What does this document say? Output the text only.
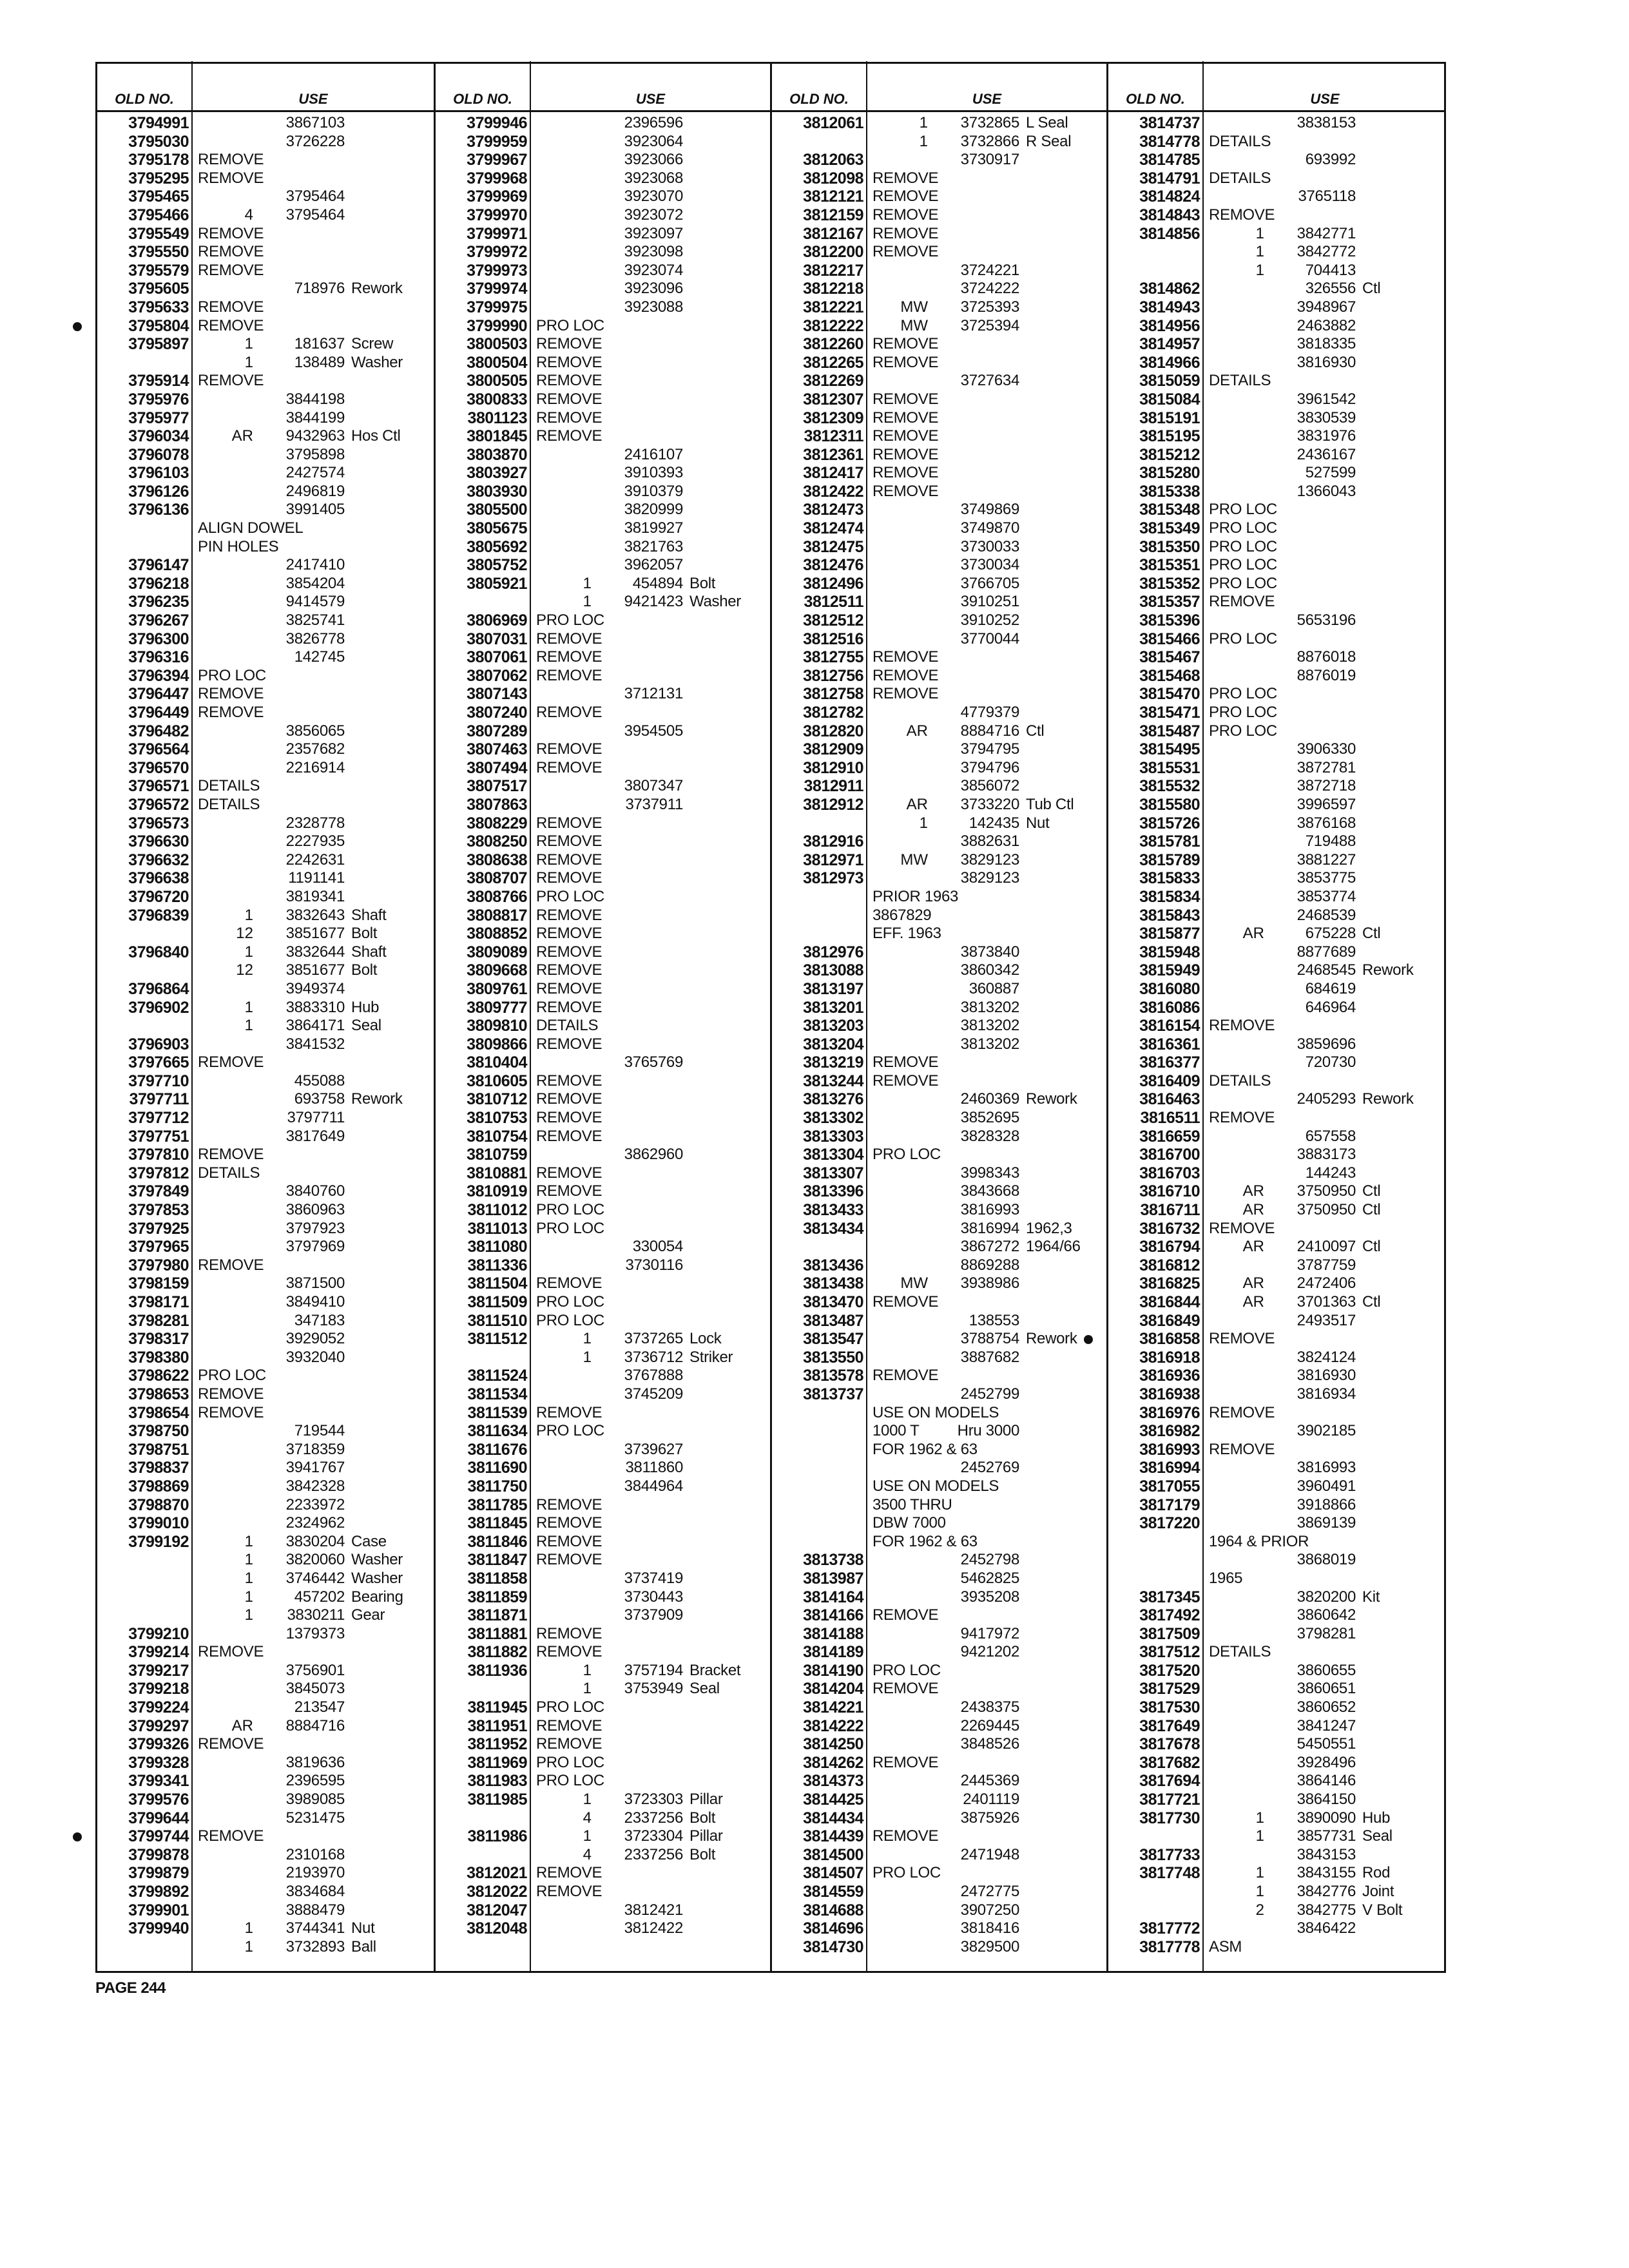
OLD NO.	USE
3794991	3867103
3795030	3726228
3795178 REMOVE
3795295 REMOVE
3795465	3795464
3795466	4	3795464
3795549 REMOVE
3795550 REMOVE
3795579 REMOVE
3795605	718976 Rework
3795633 REMOVE
3795804 REMOVE
3795897	1	181637 Screw
1	138489 Washer
3795914 REMOVE
3795976	3844198
3795977	3844199
3796034	AR	9432963 Hos Ctl
3796078	3795898
3796103	2427574
3796126	2496819
3796136	3991405
ALIGN DOWEL
PIN HOLES
3796147	2417410
3796218	3854204
3796235	9414579
3796267	3825741
3796300	3826778
3796316	142745
3796394 PRO LOC
3796447 REMOVE
3796449 REMOVE
3796482	3856065
3796564	2357682
3796570	2216914
3796571 DETAILS
3796572 DETAILS
3796573	2328778
3796630	2227935
3796632	2242631
3796638	1191141
3796720	3819341
3796839	1	3832643 Shaft
12	3851677 Bolt
3796840	1	3832644 Shaft
12	3851677 Bolt
3796864	3949374
3796902	1	3883310 Hub
1	3864171 Seal
3796903	3841532
3797665 REMOVE
3797710	455088
3797711	693758 Rework
3797712	3797711
3797751	3817649
3797810 REMOVE
3797812 DETAILS
3797849	3840760
3797853	3860963
3797925	3797923
3797965	3797969
3797980 REMOVE
3798159	3871500
3798171	3849410
3798281	347183
3798317	3929052
3798380	3932040
3798622 PRO LOC
3798653 REMOVE
3798654 REMOVE
3798750	719544
3798751	3718359
3798837	3941767
3798869	3842328
3798870	2233972
3799010	2324962
3799192	1	3830204 Case
1	3820060 Washer
1	3746442 Washer
1	457202 Bearing
1	3830211 Gear
3799210	1379373
3799214 REMOVE
3799217	3756901
3799218	3845073
3799224	213547
3799297	AR	8884716
3799326 REMOVE
3799328	3819636
3799341	2396595
3799576	3989085
3799644	5231475
3799744 REMOVE
3799878	2310168
3799879	2193970
3799892	3834684
3799901	3888479
3799940	1	3744341 Nut
1	3732893 Ball
OLD NO.	USE
3799946	2396596
3799959	3923064
3799967	3923066
3799968	3923068
3799969	3923070
3799970	3923072
3799971	3923097
3799972	3923098
3799973	3923074
3799974	3923096
3799975	3923088
3799990 PRO LOC
3800503 REMOVE
3800504 REMOVE
3800505 REMOVE
3800833 REMOVE
3801123 REMOVE
3801845 REMOVE
3803870	2416107
3803927	3910393
3803930	3910379
3805500	3820999
3805675	3819927
3805692	3821763
3805752	3962057
3805921	1	454894 Bolt
1	9421423 Washer
3806969 PRO LOC
3807031 REMOVE
3807061 REMOVE
3807062 REMOVE
3807143	3712131
3807240 REMOVE
3807289	3954505
3807463 REMOVE
3807494 REMOVE
3807517	3807347
3807863	3737911
3808229 REMOVE
3808250 REMOVE
3808638 REMOVE
3808707 REMOVE
3808766 PRO LOC
3808817 REMOVE
3808852 REMOVE
3809089 REMOVE
3809668 REMOVE
3809761 REMOVE
3809777 REMOVE
3809810 DETAILS
3809866 REMOVE
3810404	3765769
3810605 REMOVE
3810712 REMOVE
3810753 REMOVE
3810754 REMOVE
3810759	3862960
3810881 REMOVE
3810919 REMOVE
3811012 PRO LOC
3811013 PRO LOC
3811080	330054
3811336	3730116
3811504 REMOVE
3811509 PRO LOC
3811510 PRO LOC
3811512	1	3737265 Lock
1	3736712 Striker
3811524	3767888
3811534	3745209
3811539 REMOVE
3811634 PRO LOC
3811676	3739627
3811690	3811860
3811750	3844964
3811785 REMOVE
3811845 REMOVE
3811846 REMOVE
3811847 REMOVE
3811858	3737419
3811859	3730443
3811871	3737909
3811881 REMOVE
3811882 REMOVE
3811936	1	3757194 Bracket
1	3753949 Seal
3811945 PRO LOC
3811951 REMOVE
3811952 REMOVE
3811969 PRO LOC
3811983 PRO LOC
3811985	1	3723303 Pillar
4	2337256 Bolt
3811986	1	3723304 Pillar
4	2337256 Bolt
3812021 REMOVE
3812022 REMOVE
3812047	3812421
3812048	3812422
OLD NO.	USE
3812061	1	3732865 L Seal
1	3732866 R Seal
3812063	3730917
3812098 REMOVE
3812121 REMOVE
3812159 REMOVE
3812167 REMOVE
3812200 REMOVE
3812217	3724221
3812218	3724222
3812221	MW	3725393
3812222	MW	3725394
3812260 REMOVE
3812265 REMOVE
3812269	3727634
3812307 REMOVE
3812309 REMOVE
3812311 REMOVE
3812361 REMOVE
3812417 REMOVE
3812422 REMOVE
3812473	3749869
3812474	3749870
3812475	3730033
3812476	3730034
3812496	3766705
3812511	3910251
3812512	3910252
3812516	3770044
3812755 REMOVE
3812756 REMOVE
3812758 REMOVE
3812782	4779379
3812820	AR	8884716 Ctl
3812909	3794795
3812910	3794796
3812911	3856072
3812912	AR	3733220 Tub Ctl
1	142435 Nut
3812916	3882631
3812971	MW	3829123
3812973	3829123
PRIOR 1963
3867829
EFF. 1963
3812976	3873840
3813088	3860342
3813197	360887
3813201	3813202
3813203	3813202
3813204	3813202
3813219 REMOVE
3813244 REMOVE
3813276	2460369 Rework
3813302	3852695
3813303	3828328
3813304 PRO LOC
3813307	3998343
3813396	3843668
3813433	3816993
3813434	3816994 1962,3
3867272 1964/66
3813436	8869288
3813438	MW	3938986
3813470 REMOVE
3813487	138553
3813547	3788754 Rework
3813550	3887682
3813578 REMOVE
3813737	2452799
USE ON MODELS
1000 T	Hru 3000
FOR 1962 & 63
2452769
USE ON MODELS
3500 THRU
DBW 7000
FOR 1962 & 63
3813738	2452798
3813987	5462825
3814164	3935208
3814166 REMOVE
3814188	9417972
3814189	9421202
3814190 PRO LOC
3814204 REMOVE
3814221	2438375
3814222	2269445
3814250	3848526
3814262 REMOVE
3814373	2445369
3814425	2401119
3814434	3875926
3814439 REMOVE
3814500	2471948
3814507 PRO LOC
3814559	2472775
3814688	3907250
3814696	3818416
3814730	3829500
OLD NO.	USE
3814737	3838153
3814778 DETAILS
3814785	693992
3814791 DETAILS
3814824	3765118
3814843 REMOVE
3814856	1	3842771
1	3842772
1	704413
3814862	326556 Ctl
3814943	3948967
3814956	2463882
3814957	3818335
3814966	3816930
3815059 DETAILS
3815084	3961542
3815191	3830539
3815195	3831976
3815212	2436167
3815280	527599
3815338	1366043
3815348 PRO LOC
3815349 PRO LOC
3815350 PRO LOC
3815351 PRO LOC
3815352 PRO LOC
3815357 REMOVE
3815396	5653196
3815466 PRO LOC
3815467	8876018
3815468	8876019
3815470 PRO LOC
3815471 PRO LOC
3815487 PRO LOC
3815495	3906330
3815531	3872781
3815532	3872718
3815580	3996597
3815726	3876168
3815781	719488
3815789	3881227
3815833	3853775
3815834	3853774
3815843	2468539
3815877	AR	675228 Ctl
3815948	8877689
3815949	2468545 Rework
3816080	684619
3816086	646964
3816154 REMOVE
3816361	3859696
3816377	720730
3816409 DETAILS
3816463	2405293 Rework
3816511 REMOVE
3816659	657558
3816700	3883173
3816703	144243
3816710	AR	3750950 Ctl
3816711	AR	3750950 Ctl
3816732 REMOVE
3816794	AR	2410097 Ctl
3816812	3787759
3816825	AR	2472406
3816844	AR	3701363 Ctl
3816849	2493517
3816858 REMOVE
3816918	3824124
3816936	3816930
3816938	3816934
3816976 REMOVE
3816982	3902185
3816993 REMOVE
3816994	3816993
3817055	3960491
3817179	3918866
3817220	3869139
1964 & PRIOR
3868019
1965
3817345	3820200 Kit
3817492	3860642
3817509	3798281
3817512 DETAILS
3817520	3860655
3817529	3860651
3817530	3860652
3817649	3841247
3817678	5450551
3817682	3928496
3817694	3864146
3817721	3864150
3817730	1	3890090 Hub
1	3857731 Seal
3817733	3843153
3817748	1	3843155 Rod
1	3842776 Joint
2	3842775 V Bolt
3817772	3846422
3817778 ASM
PAGE 244
